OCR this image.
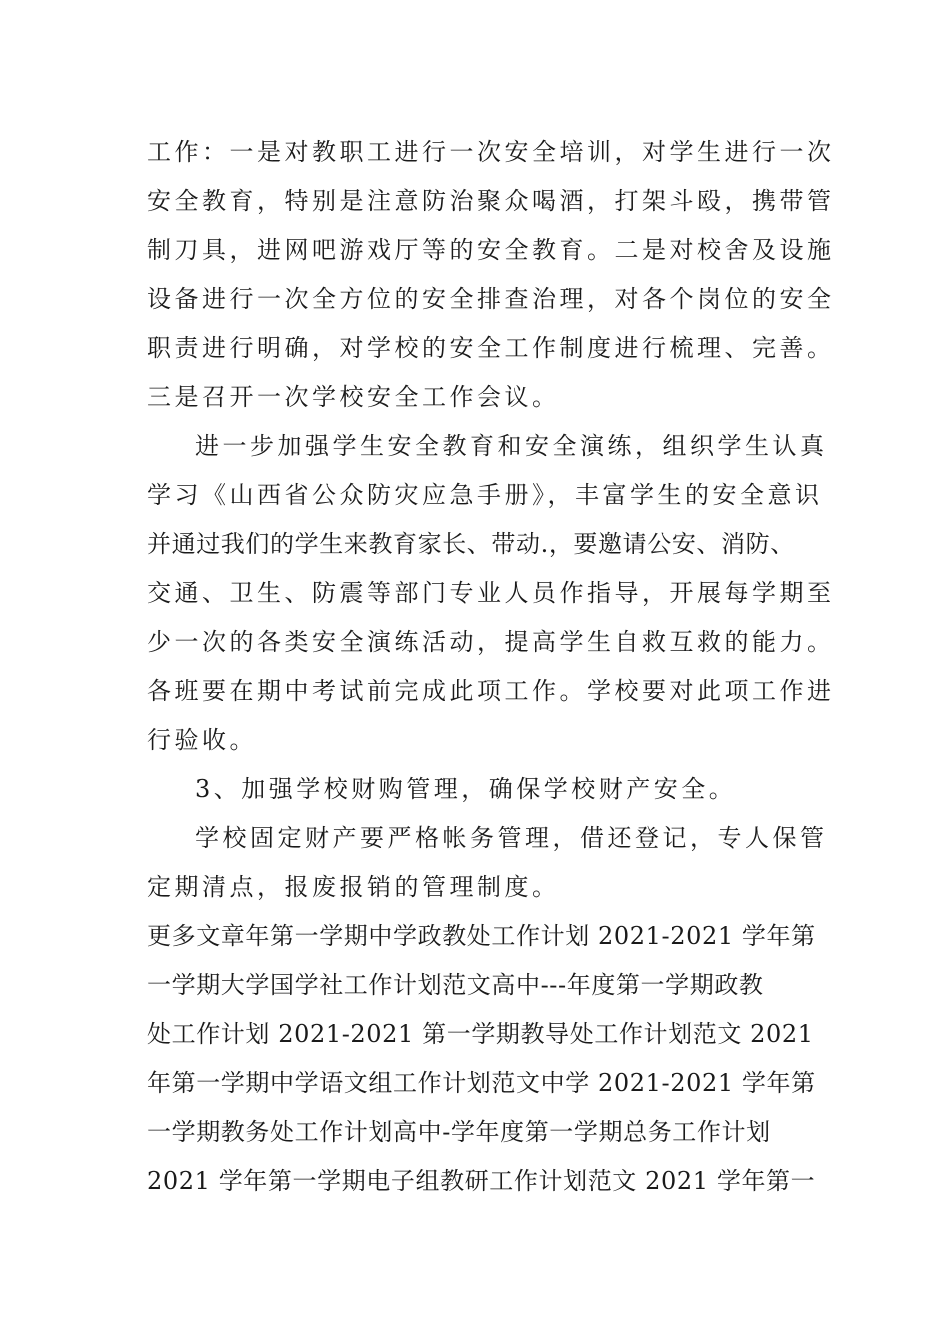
工作：一是对教职工进行一次安全培训，对学生进行一次
安全教育，特别是注意防治聚众喝酒，打架斗殴，携带管
制刀具，进网吧游戏厅等的安全教育。二是对校舍及设施
设备进行一次全方位的安全排查治理，对各个岗位的安全
职责进行明确，对学校的安全工作制度进行梳理、完善。
三是召开一次学校安全工作会议。
进一步加强学生安全教育和安全演练，组织学生认真
学习《山西省公众防灾应急手册》，丰富学生的安全意识
并通过我们的学生来教育家长、带动.，要邀请公安、消防、
交通、卫生、防震等部门专业人员作指导，开展每学期至
少一次的各类安全演练活动，提高学生自救互救的能力。
各班要在期中考试前完成此项工作。学校要对此项工作进
行验收。
3、加强学校财购管理，确保学校财产安全。
学校固定财产要严格帐务管理，借还登记，专人保管
定期清点，报废报销的管理制度。
更多文章年第一学期中学政教处工作计划 2021-2021 学年第
一学期大学国学社工作计划范文高中---年度第一学期政教
处工作计划 2021-2021 第一学期教导处工作计划范文 2021
年第一学期中学语文组工作计划范文中学 2021-2021 学年第
一学期教务处工作计划高中-学年度第一学期总务工作计划
2021 学年第一学期电子组教研工作计划范文 2021 学年第一
